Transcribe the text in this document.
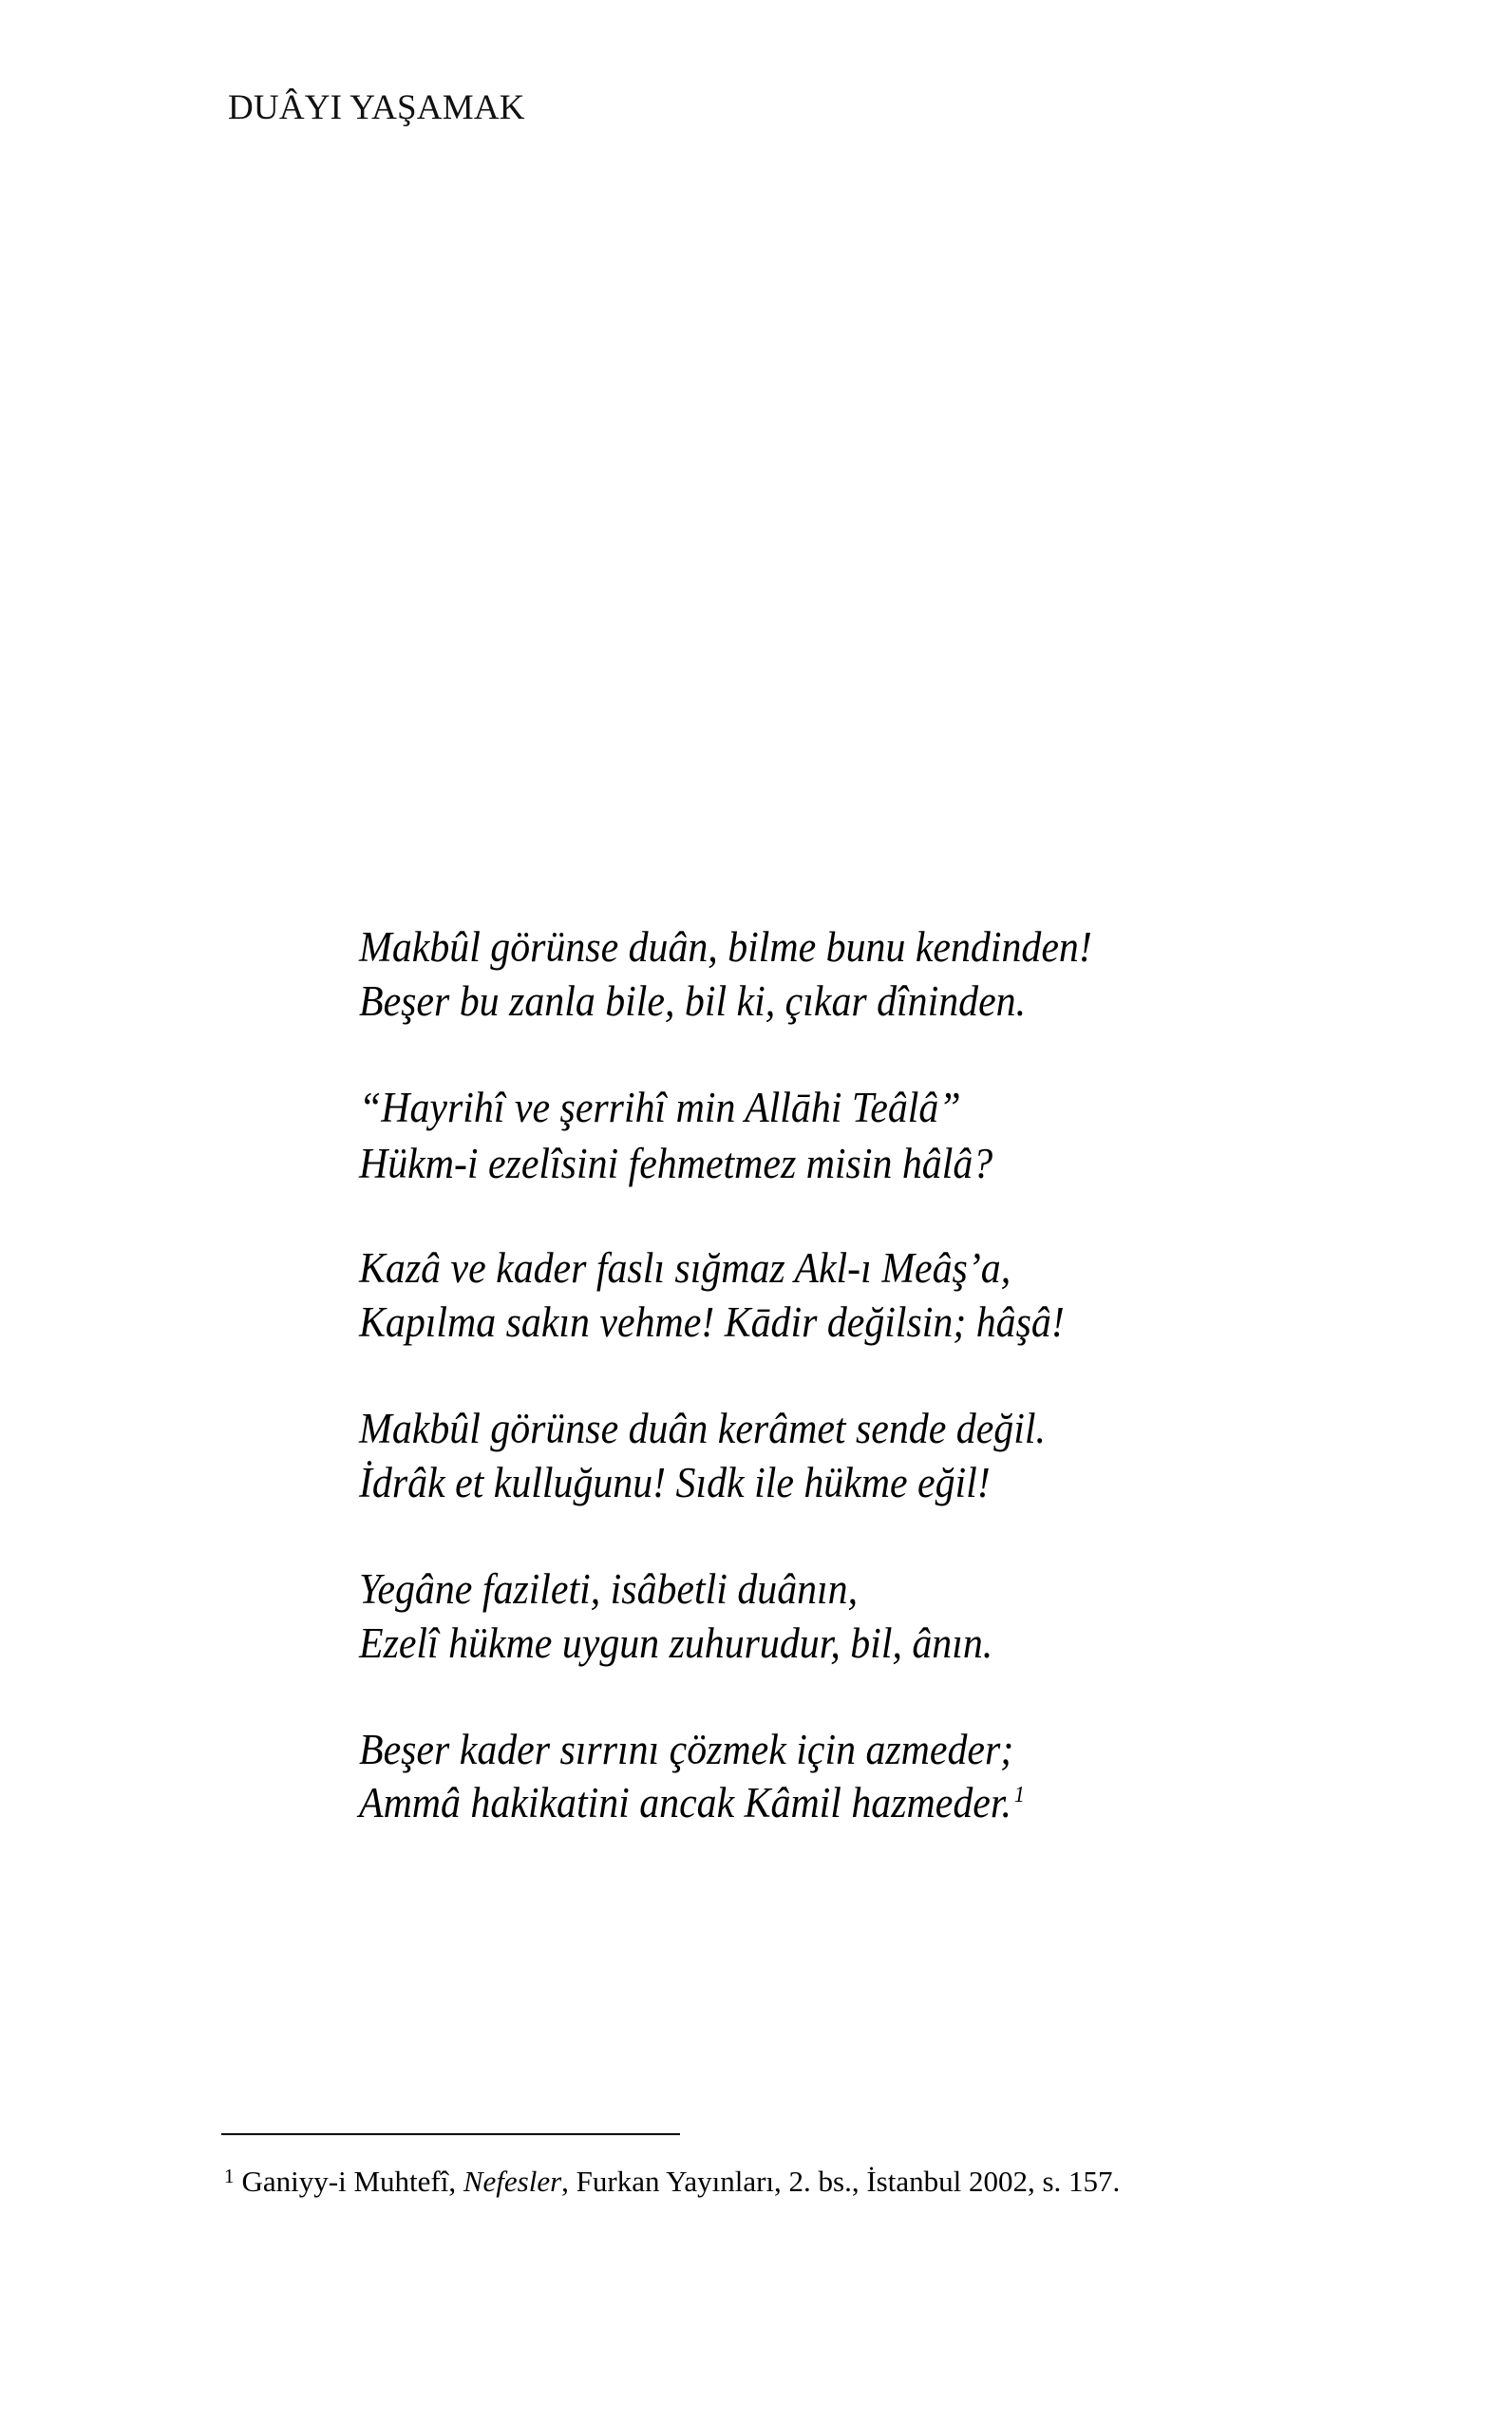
DUÂYI YAŞAMAK
Makbûl görünse duân, bilme bunu kendinden!
Beşer bu zanla bile, bil ki, çıkar dîninden.
“Hayrihî ve şerrihî min Allāhi Teâlâ”
Hükm-i ezelîsini fehmetmez misin hâlâ?
Kazâ ve kader faslı sığmaz Akl-ı Meâş’a,
Kapılma sakın vehme! Kādir değilsin; hâşâ!
Makbûl görünse duân kerâmet sende değil.
İdrâk et kulluğunu! Sıdk ile hükme eğil!
Yegâne fazileti, isâbetli duânın,
Ezelî hükme uygun zuhurudur, bil, ânın.
Beşer kader sırrını çözmek için azmeder;
Ammâ hakikatini ancak Kâmil hazmeder. $^1$
$^1$ Ganiyy-i Muhtefî, Nefesler, Furkan Yayınları, 2. bs., İstanbul 2002, s. 157.
